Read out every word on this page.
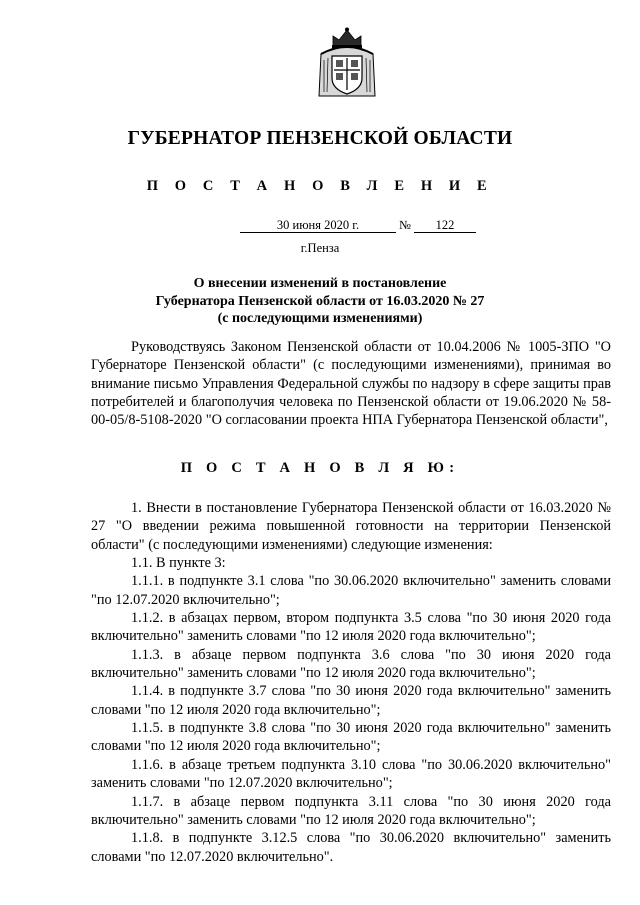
ГУБЕРНАТОР ПЕНЗЕНСКОЙ ОБЛАСТИ
П О С Т А Н О В Л Е Н И Е
30 июня 2020 г.	№	122
г.Пенза
О внесении изменений в постановление
Губернатора Пензенской области от 16.03.2020 № 27
(с последующими изменениями)

Руководствуясь Законом Пензенской области от 10.04.2006 № 1005-ЗПО "О Губернаторе Пензенской области" (с последующими изменениями), принимая во внимание письмо Управления Федеральной службы по надзору в сфере защиты прав потребителей и благополучия человека по Пензенской области от 19.06.2020 № 58-00-05/8-5108-2020 "О согласовании проекта НПА Губернатора Пензенской области",

П О С Т А Н О В Л Я Ю:

1. Внести в постановление Губернатора Пензенской области от 16.03.2020 № 27 "О введении режима повышенной готовности на территории Пензенской области" (с последующими изменениями) следующие изменения:

1.1. В пункте 3:

1.1.1. в подпункте 3.1 слова "по 30.06.2020 включительно" заменить словами "по 12.07.2020 включительно";

1.1.2. в абзацах первом, втором подпункта 3.5 слова "по 30 июня 2020 года включительно" заменить словами "по 12 июля 2020 года включительно";

1.1.3. в абзаце первом подпункта 3.6 слова "по 30 июня 2020 года включительно" заменить словами "по 12 июля 2020 года включительно";

1.1.4. в подпункте 3.7 слова "по 30 июня 2020 года включительно" заменить словами "по 12 июля 2020 года включительно";

1.1.5. в подпункте 3.8 слова "по 30 июня 2020 года включительно" заменить словами "по 12 июля 2020 года включительно";

1.1.6. в абзаце третьем подпункта 3.10 слова "по 30.06.2020 включительно" заменить словами "по 12.07.2020 включительно";

1.1.7. в абзаце первом подпункта 3.11 слова "по 30 июня 2020 года включительно" заменить словами "по 12 июля 2020 года включительно";

1.1.8. в подпункте 3.12.5 слова "по 30.06.2020 включительно" заменить словами "по 12.07.2020 включительно".
